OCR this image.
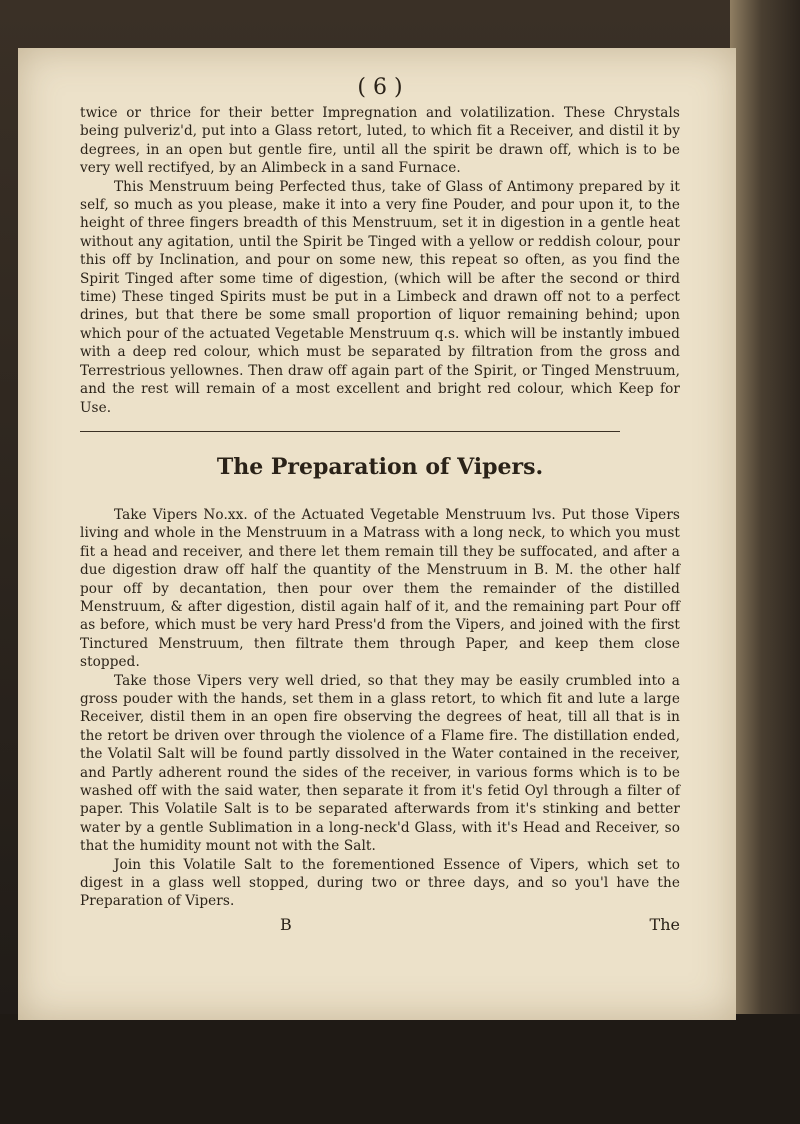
( 6 )

twice or thrice for their better Impregnation and volatilization. These Chrystals being pulveriz'd, put into a Glass retort, luted, to which fit a Receiver, and distil it by degrees, in an open but gentle fire, until all the spirit be drawn off, which is to be very well rectifyed, by an Alimbeck in a sand Furnace.

This Menstruum being Perfected thus, take of Glass of Antimony prepared by it self, so much as you please, make it into a very fine Pouder, and pour upon it, to the height of three fingers breadth of this Menstruum, set it in digestion in a gentle heat without any agitation, until the Spirit be Tinged with a yellow or reddish colour, pour this off by Inclination, and pour on some new, this repeat so often, as you find the Spirit Tinged after some time of digestion, (which will be after the second or third time) These tinged Spirits must be put in a Limbeck and drawn off not to a perfect drines, but that there be some small proportion of liquor remaining behind; upon which pour of the actuated Vegetable Menstruum q.s. which will be instantly imbued with a deep red colour, which must be separated by filtration from the gross and Terrestrious yellownes. Then draw off again part of the Spirit, or Tinged Menstruum, and the rest will remain of a most excellent and bright red colour, which Keep for Use.

The Preparation of Vipers.

Take Vipers No.xx. of the Actuated Vegetable Menstruum lvs. Put those Vipers living and whole in the Menstruum in a Matrass with a long neck, to which you must fit a head and receiver, and there let them remain till they be suffocated, and after a due digestion draw off half the quantity of the Menstruum in B. M. the other half pour off by decantation, then pour over them the remainder of the distilled Menstruum, & after digestion, distil again half of it, and the remaining part Pour off as before, which must be very hard Press'd from the Vipers, and joined with the first Tinctured Menstruum, then filtrate them through Paper, and keep them close stopped.

Take those Vipers very well dried, so that they may be easily crumbled into a gross pouder with the hands, set them in a glass retort, to which fit and lute a large Receiver, distil them in an open fire observing the degrees of heat, till all that is in the retort be driven over through the violence of a Flame fire. The distillation ended, the Volatil Salt will be found partly dissolved in the Water contained in the receiver, and Partly adherent round the sides of the receiver, in various forms which is to be washed off with the said water, then separate it from it's fetid Oyl through a filter of paper. This Volatile Salt is to be separated afterwards from it's stinking and better water by a gentle Sublimation in a long-neck'd Glass, with it's Head and Receiver, so that the humidity mount not with the Salt.

Join this Volatile Salt to the forementioned Essence of Vipers, which set to digest in a glass well stopped, during two or three days, and so you'l have the Preparation of Vipers.

B	The
